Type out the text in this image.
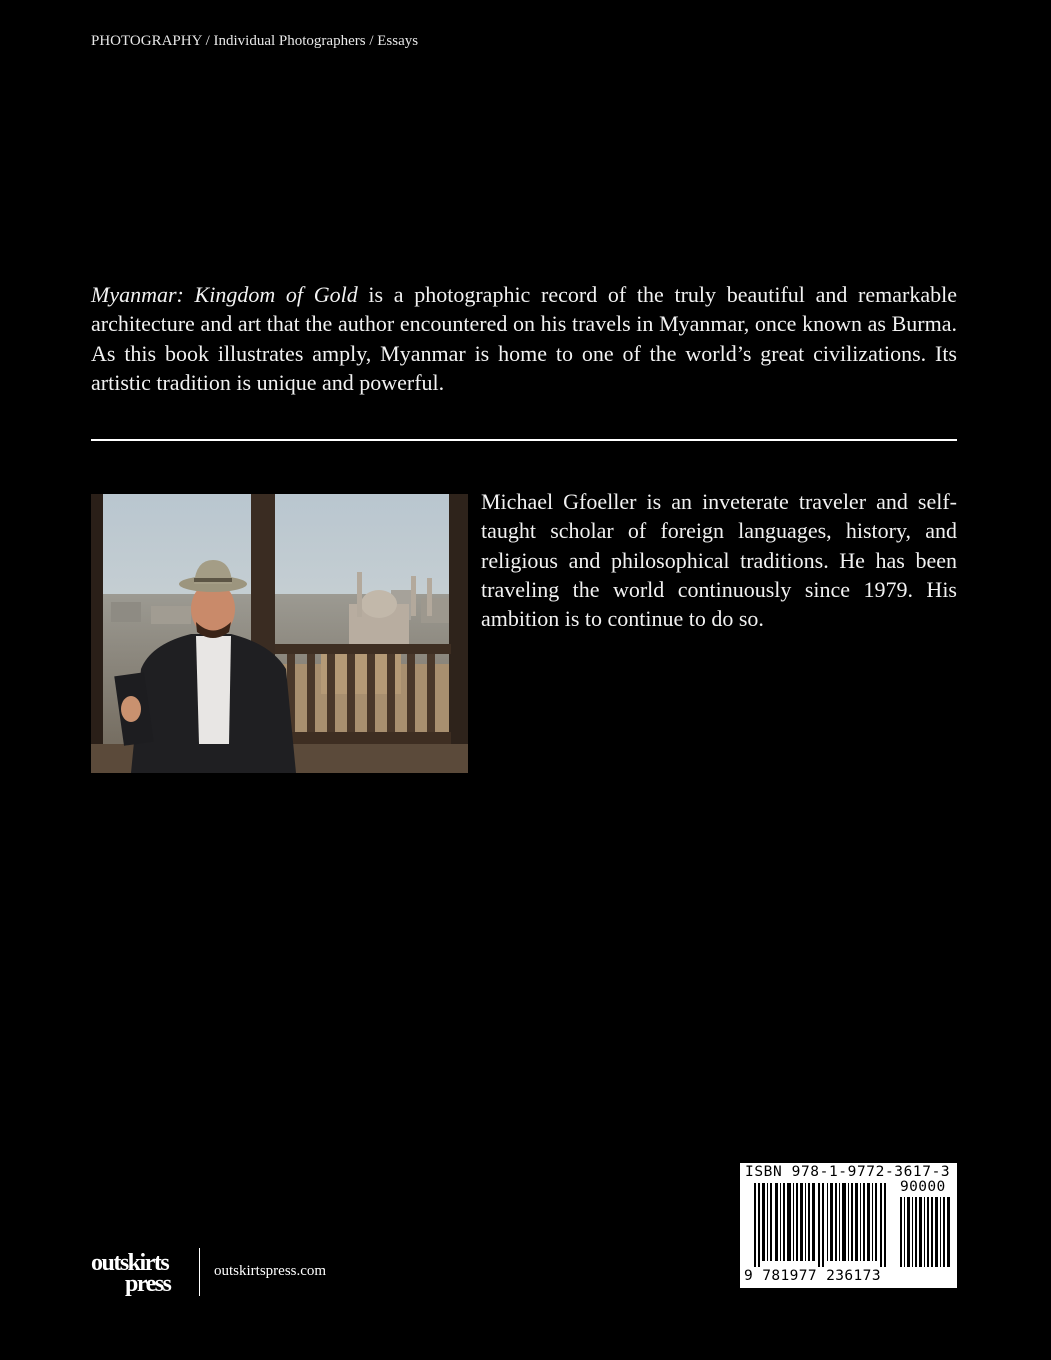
PHOTOGRAPHY / Individual Photographers / Essays
Myanmar: Kingdom of Gold is a photographic record of the truly beautiful and remarkable architecture and art that the author encountered on his travels in Myanmar, once known as Burma. As this book illustrates amply, Myanmar is home to one of the world’s great civilizations. Its artistic tradition is unique and powerful.
Michael Gfoeller is an inveterate traveler and self-taught scholar of foreign languages, history, and religious and philosophical traditions. He has been traveling the world continuously since 1979. His ambition is to continue to do so.
ISBN 978-1-9772-3617-3
90000
9 781977 236173
outskirts
press	outskirtspress.com
